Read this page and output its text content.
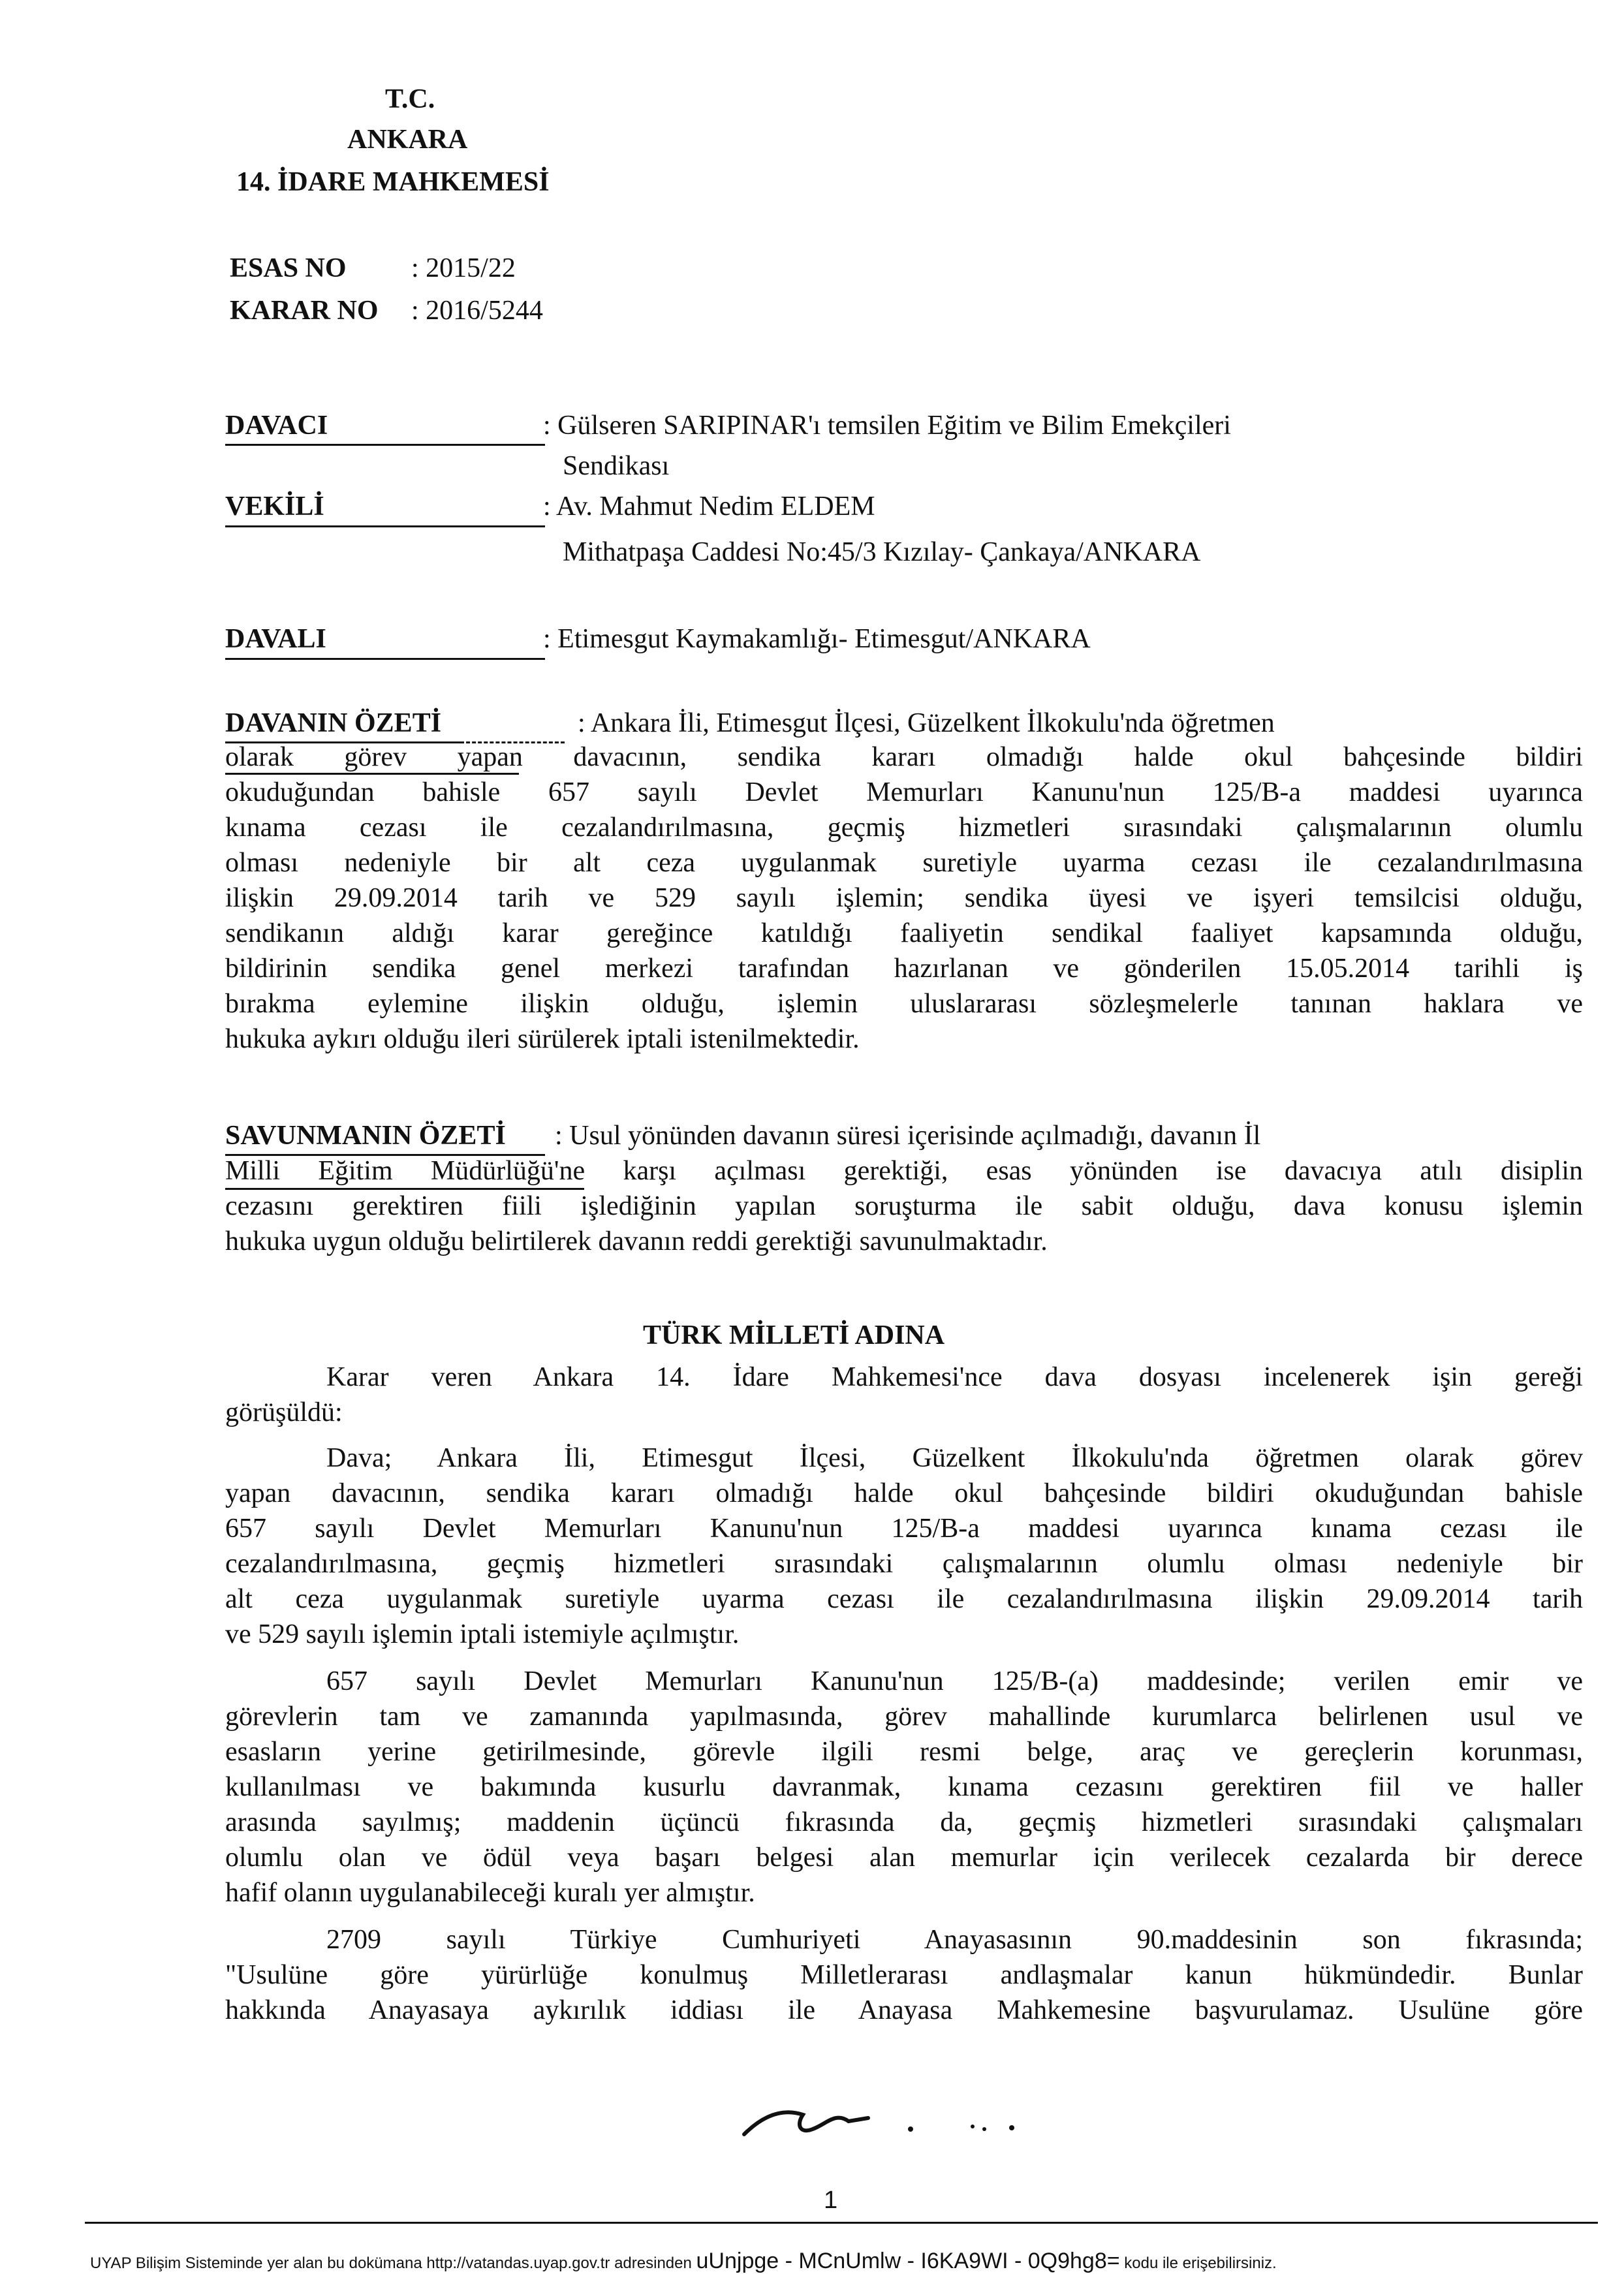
T.C.
ANKARA
14. İDARE MAHKEMESİ
ESAS NO : 2015/22
KARAR NO : 2016/5244
DAVACI	: Gülseren SARIPINAR'ı temsilen Eğitim ve Bilim Emekçileri
Sendikası
VEKİLİ	: Av. Mahmut Nedim ELDEM
Mithatpaşa Caddesi No:45/3 Kızılay- Çankaya/ANKARA
DAVALI	: Etimesgut Kaymakamlığı- Etimesgut/ANKARA
DAVANIN ÖZETİ	: Ankara İli, Etimesgut İlçesi, Güzelkent İlkokulu'nda öğretmen
olarak görev yapan davacının, sendika kararı olmadığı halde okul bahçesinde bildiri
okuduğundan bahisle 657 sayılı Devlet Memurları Kanunu'nun 125/B-a maddesi uyarınca
kınama cezası ile cezalandırılmasına, geçmiş hizmetleri sırasındaki çalışmalarının olumlu
olması nedeniyle bir alt ceza uygulanmak suretiyle uyarma cezası ile cezalandırılmasına
ilişkin 29.09.2014 tarih ve 529 sayılı işlemin; sendika üyesi ve işyeri temsilcisi olduğu,
sendikanın aldığı karar gereğince katıldığı faaliyetin sendikal faaliyet kapsamında olduğu,
bildirinin sendika genel merkezi tarafından hazırlanan ve gönderilen 15.05.2014 tarihli iş
bırakma eylemine ilişkin olduğu, işlemin uluslararası sözleşmelerle tanınan haklara ve
hukuka aykırı olduğu ileri sürülerek iptali istenilmektedir.
SAVUNMANIN ÖZETİ : Usul yönünden davanın süresi içerisinde açılmadığı, davanın İl
Milli Eğitim Müdürlüğü'ne karşı açılması gerektiği, esas yönünden ise davacıya atılı disiplin
cezasını gerektiren fiili işlediğinin yapılan soruşturma ile sabit olduğu, dava konusu işlemin
hukuka uygun olduğu belirtilerek davanın reddi gerektiği savunulmaktadır.
TÜRK MİLLETİ ADINA
Karar veren Ankara 14. İdare Mahkemesi'nce dava dosyası incelenerek işin gereği
görüşüldü:
Dava; Ankara İli, Etimesgut İlçesi, Güzelkent İlkokulu'nda öğretmen olarak görev
yapan davacının, sendika kararı olmadığı halde okul bahçesinde bildiri okuduğundan bahisle
657 sayılı Devlet Memurları Kanunu'nun 125/B-a maddesi uyarınca kınama cezası ile
cezalandırılmasına, geçmiş hizmetleri sırasındaki çalışmalarının olumlu olması nedeniyle bir
alt ceza uygulanmak suretiyle uyarma cezası ile cezalandırılmasına ilişkin 29.09.2014 tarih
ve 529 sayılı işlemin iptali istemiyle açılmıştır.
657 sayılı Devlet Memurları Kanunu'nun 125/B-(a) maddesinde; verilen emir ve
görevlerin tam ve zamanında yapılmasında, görev mahallinde kurumlarca belirlenen usul ve
esasların yerine getirilmesinde, görevle ilgili resmi belge, araç ve gereçlerin korunması,
kullanılması ve bakımında kusurlu davranmak, kınama cezasını gerektiren fiil ve haller
arasında sayılmış; maddenin üçüncü fıkrasında da, geçmiş hizmetleri sırasındaki çalışmaları
olumlu olan ve ödül veya başarı belgesi alan memurlar için verilecek cezalarda bir derece
hafif olanın uygulanabileceği kuralı yer almıştır.
2709 sayılı Türkiye Cumhuriyeti Anayasasının 90.maddesinin son fıkrasında;
"Usulüne göre yürürlüğe konulmuş Milletlerarası andlaşmalar kanun hükmündedir. Bunlar
hakkında Anayasaya aykırılık iddiası ile Anayasa Mahkemesine başvurulamaz. Usulüne göre
1
UYAP Bilişim Sisteminde yer alan bu dokümana http://vatandas.uyap.gov.tr adresinden uUnjpge - MCnUmlw - I6KA9WI - 0Q9hg8= kodu ile erişebilirsiniz.
